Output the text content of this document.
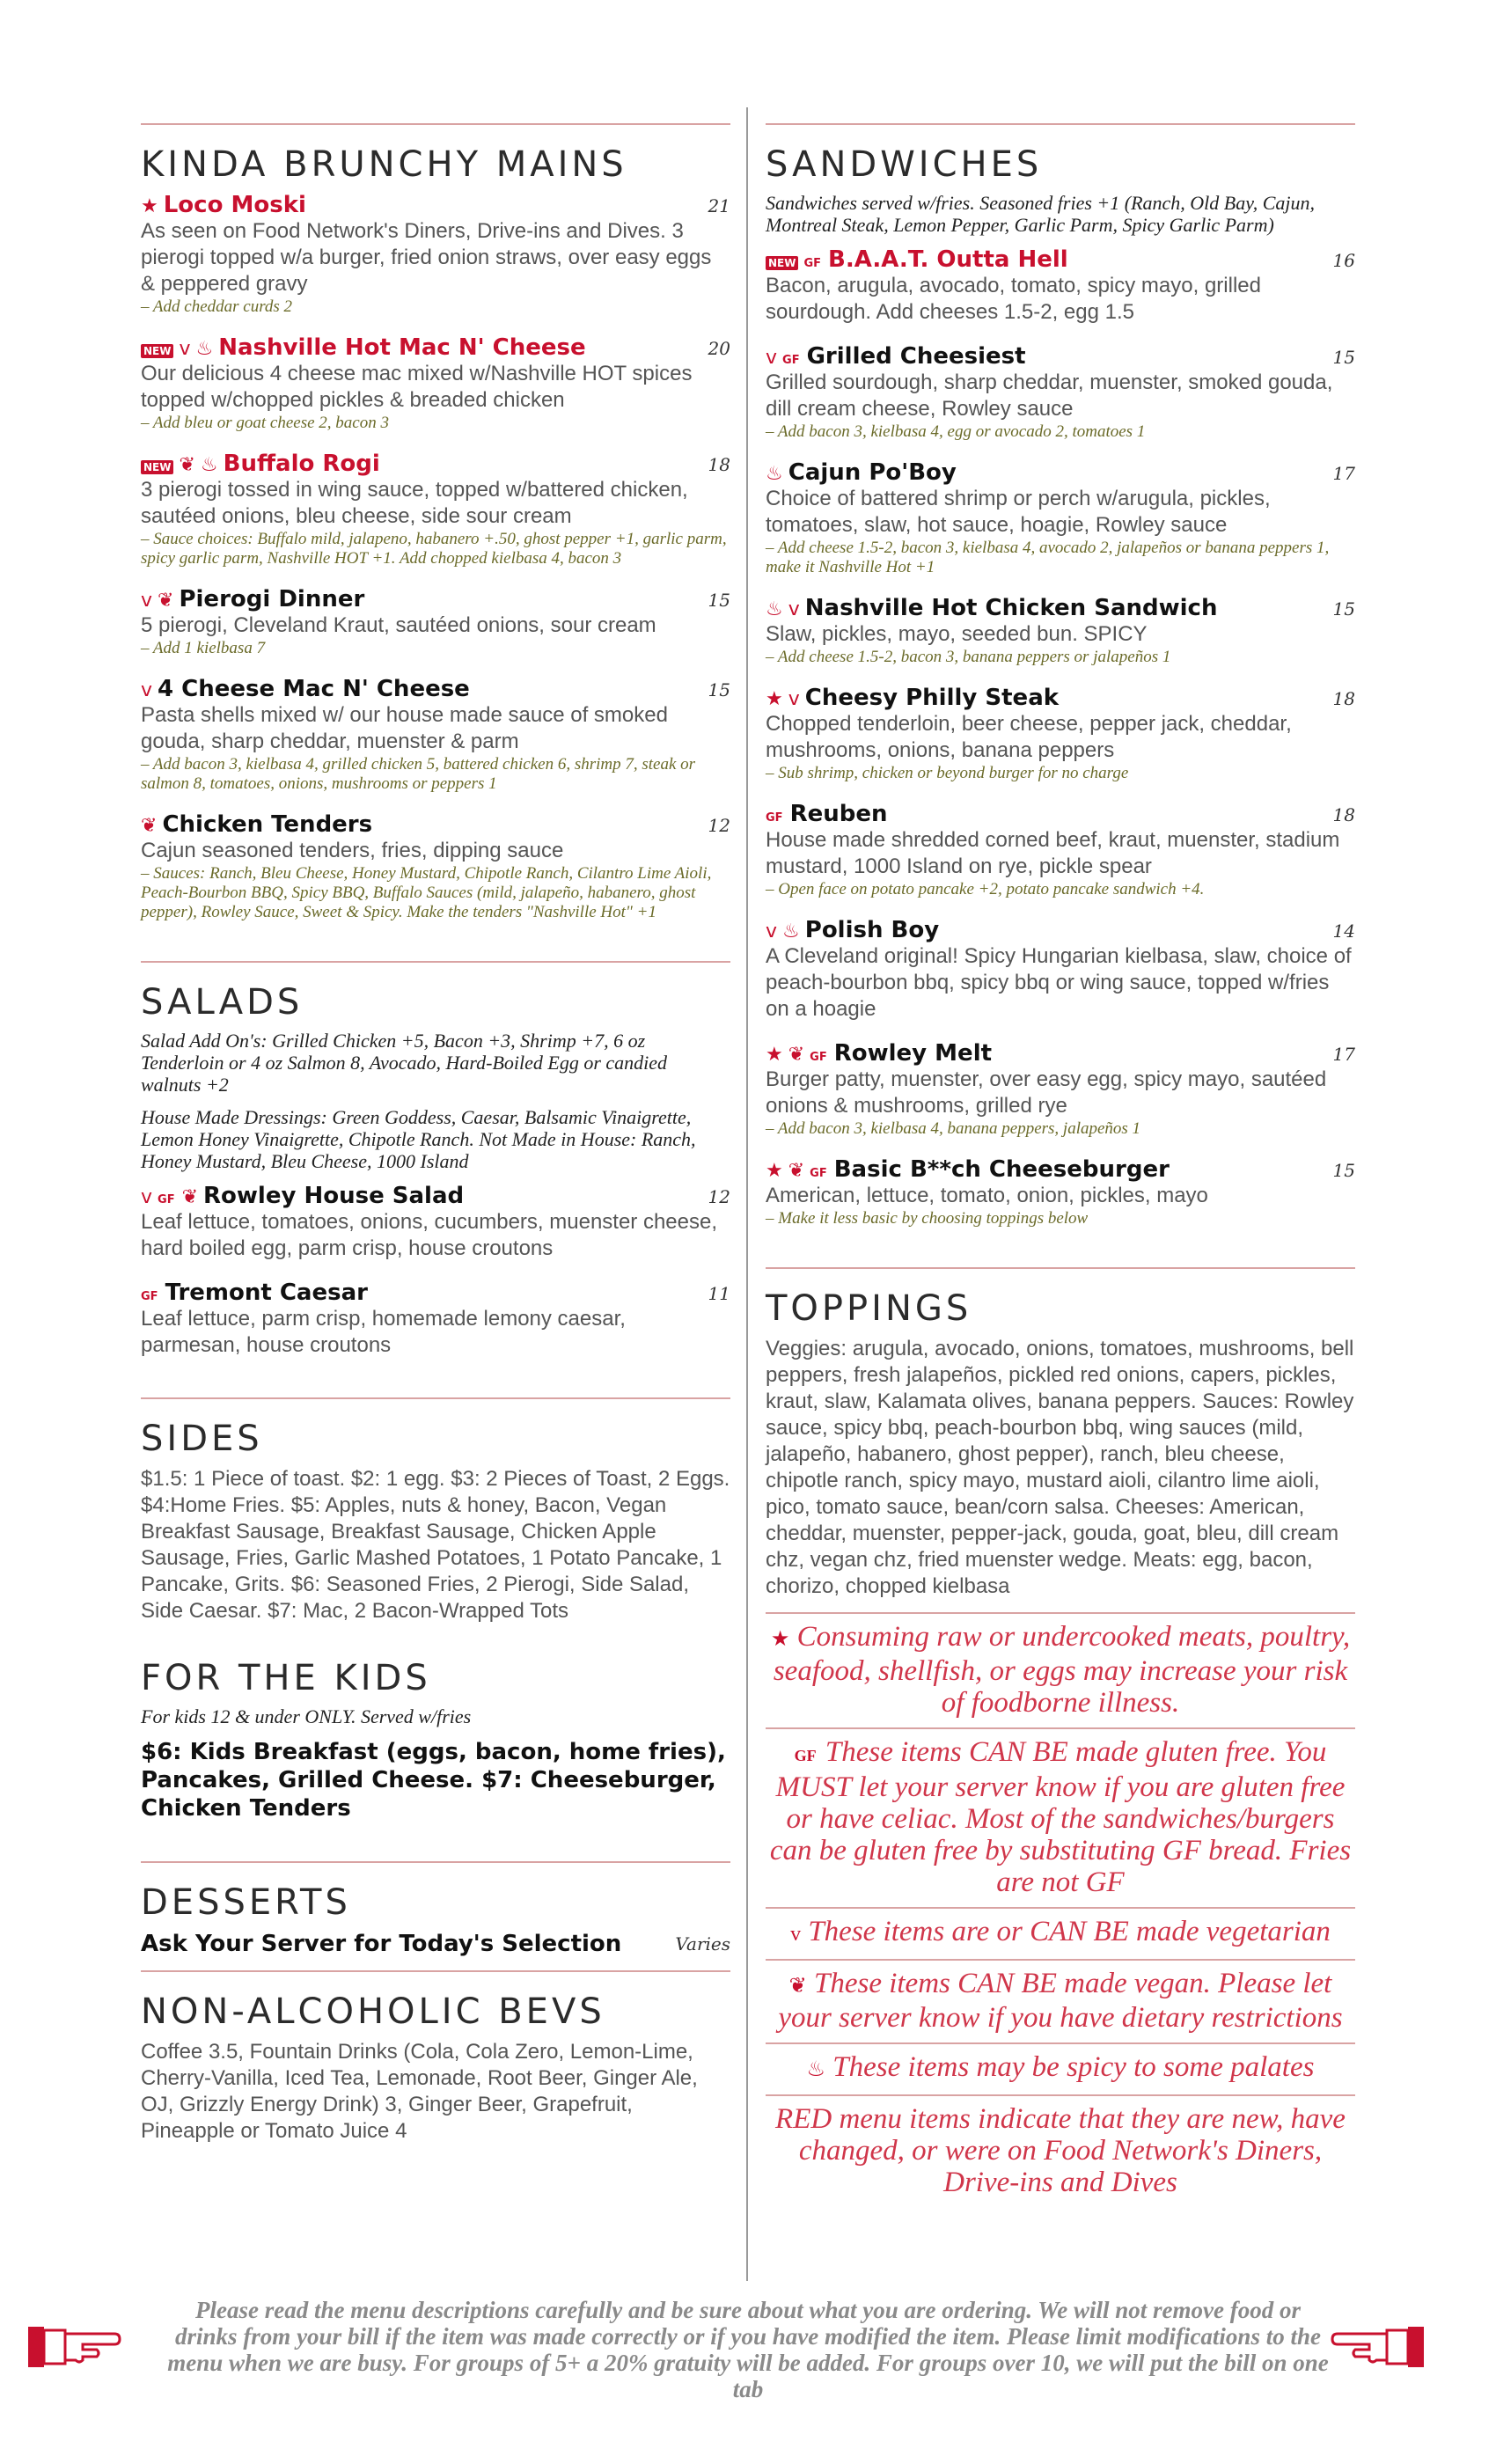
KINDA BRUNCHY MAINS
★ Loco Moski	21
As seen on Food Network's Diners, Drive-ins and Dives. 3 pierogi topped w/a burger, fried onion straws, over easy eggs & peppered gravy
– Add cheddar curds 2
NEW v ♨ Nashville Hot Mac N' Cheese	20
Our delicious 4 cheese mac mixed w/Nashville HOT spices topped w/chopped pickles & breaded chicken
– Add bleu or goat cheese 2, bacon 3
NEW ❦ ♨ Buffalo Rogi	18
3 pierogi tossed in wing sauce, topped w/battered chicken, sautéed onions, bleu cheese, side sour cream
– Sauce choices: Buffalo mild, jalapeno, habanero +.50, ghost pepper +1, garlic parm, spicy garlic parm, Nashville HOT +1. Add chopped kielbasa 4, bacon 3
v ❦ Pierogi Dinner	15
5 pierogi, Cleveland Kraut, sautéed onions, sour cream
– Add 1 kielbasa 7
v 4 Cheese Mac N' Cheese	15
Pasta shells mixed w/ our house made sauce of smoked gouda, sharp cheddar, muenster & parm
– Add bacon 3, kielbasa 4, grilled chicken 5, battered chicken 6, shrimp 7, steak or salmon 8, tomatoes, onions, mushrooms or peppers 1
❦ Chicken Tenders	12
Cajun seasoned tenders, fries, dipping sauce
– Sauces: Ranch, Bleu Cheese, Honey Mustard, Chipotle Ranch, Cilantro Lime Aioli, Peach-Bourbon BBQ, Spicy BBQ, Buffalo Sauces (mild, jalapeño, habanero, ghost pepper), Rowley Sauce, Sweet & Spicy. Make the tenders "Nashville Hot" +1
SALADS
Salad Add On's: Grilled Chicken +5, Bacon +3, Shrimp +7, 6 oz Tenderloin or 4 oz Salmon 8, Avocado, Hard-Boiled Egg or candied walnuts +2
House Made Dressings: Green Goddess, Caesar, Balsamic Vinaigrette, Lemon Honey Vinaigrette, Chipotle Ranch. Not Made in House: Ranch, Honey Mustard, Bleu Cheese, 1000 Island
v GF ❦ Rowley House Salad	12
Leaf lettuce, tomatoes, onions, cucumbers, muenster cheese, hard boiled egg, parm crisp, house croutons
GF Tremont Caesar	11
Leaf lettuce, parm crisp, homemade lemony caesar, parmesan, house croutons
SIDES
$1.5: 1 Piece of toast. $2: 1 egg. $3: 2 Pieces of Toast, 2 Eggs. $4:Home Fries. $5: Apples, nuts & honey, Bacon, Vegan Breakfast Sausage, Breakfast Sausage, Chicken Apple Sausage, Fries, Garlic Mashed Potatoes, 1 Potato Pancake, 1 Pancake, Grits. $6: Seasoned Fries, 2 Pierogi, Side Salad, Side Caesar. $7: Mac, 2 Bacon-Wrapped Tots
FOR THE KIDS
For kids 12 & under ONLY. Served w/fries
$6: Kids Breakfast (eggs, bacon, home fries), Pancakes, Grilled Cheese. $7: Cheeseburger, Chicken Tenders
DESSERTS
Ask Your Server for Today's Selection	Varies
NON-ALCOHOLIC BEVS
Coffee 3.5, Fountain Drinks (Cola, Cola Zero, Lemon-Lime, Cherry-Vanilla, Iced Tea, Lemonade, Root Beer, Ginger Ale, OJ, Grizzly Energy Drink) 3, Ginger Beer, Grapefruit, Pineapple or Tomato Juice 4
SANDWICHES
Sandwiches served w/fries. Seasoned fries +1 (Ranch, Old Bay, Cajun, Montreal Steak, Lemon Pepper, Garlic Parm, Spicy Garlic Parm)
NEW GF B.A.A.T. Outta Hell	16
Bacon, arugula, avocado, tomato, spicy mayo, grilled sourdough. Add cheeses 1.5-2, egg 1.5
v GF Grilled Cheesiest	15
Grilled sourdough, sharp cheddar, muenster, smoked gouda, dill cream cheese, Rowley sauce
– Add bacon 3, kielbasa 4, egg or avocado 2, tomatoes 1
♨ Cajun Po'Boy	17
Choice of battered shrimp or perch w/arugula, pickles, tomatoes, slaw, hot sauce, hoagie, Rowley sauce
– Add cheese 1.5-2, bacon 3, kielbasa 4, avocado 2, jalapeños or banana peppers 1, make it Nashville Hot +1
♨ v Nashville Hot Chicken Sandwich	15
Slaw, pickles, mayo, seeded bun. SPICY
– Add cheese 1.5-2, bacon 3, banana peppers or jalapeños 1
★ v Cheesy Philly Steak	18
Chopped tenderloin, beer cheese, pepper jack, cheddar, mushrooms, onions, banana peppers
– Sub shrimp, chicken or beyond burger for no charge
GF Reuben	18
House made shredded corned beef, kraut, muenster, stadium mustard, 1000 Island on rye, pickle spear
– Open face on potato pancake +2, potato pancake sandwich +4.
v ♨ Polish Boy	14
A Cleveland original! Spicy Hungarian kielbasa, slaw, choice of peach-bourbon bbq, spicy bbq or wing sauce, topped w/fries on a hoagie
★ ❦ GF Rowley Melt	17
Burger patty, muenster, over easy egg, spicy mayo, sautéed onions & mushrooms, grilled rye
– Add bacon 3, kielbasa 4, banana peppers, jalapeños 1
★ ❦ GF Basic B**ch Cheeseburger	15
American, lettuce, tomato, onion, pickles, mayo
– Make it less basic by choosing toppings below
TOPPINGS
Veggies: arugula, avocado, onions, tomatoes, mushrooms, bell peppers, fresh jalapeños, pickled red onions, capers, pickles, kraut, slaw, Kalamata olives, banana peppers. Sauces: Rowley sauce, spicy bbq, peach-bourbon bbq, wing sauces (mild, jalapeño, habanero, ghost pepper), ranch, bleu cheese, chipotle ranch, spicy mayo, mustard aioli, cilantro lime aioli, pico, tomato sauce, bean/corn salsa. Cheeses: American, cheddar, muenster, pepper-jack, gouda, goat, bleu, dill cream chz, vegan chz, fried muenster wedge. Meats: egg, bacon, chorizo, chopped kielbasa
★ Consuming raw or undercooked meats, poultry, seafood, shellfish, or eggs may increase your risk of foodborne illness.
GF These items CAN BE made gluten free. You MUST let your server know if you are gluten free or have celiac. Most of the sandwiches/burgers can be gluten free by substituting GF bread. Fries are not GF
v These items are or CAN BE made vegetarian
❦ These items CAN BE made vegan. Please let your server know if you have dietary restrictions
♨ These items may be spicy to some palates
RED menu items indicate that they are new, have changed, or were on Food Network's Diners, Drive-ins and Dives
Please read the menu descriptions carefully and be sure about what you are ordering. We will not remove food or drinks from your bill if the item was made correctly or if you have modified the item. Please limit modifications to the menu when we are busy. For groups of 5+ a 20% gratuity will be added. For groups over 10, we will put the bill on one tab
